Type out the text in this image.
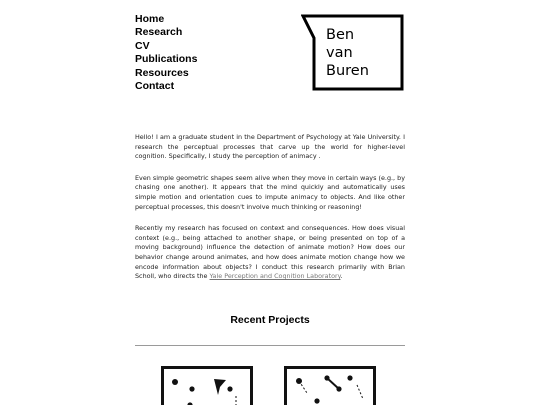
Home
Research
CV
Publications
Resources
Contact
Ben
van
Buren

Hello! I am a graduate student in the Department of Psychology at Yale University. I research the perceptual processes that carve up the world for higher-level cognition. Specifically, I study the perception of animacy .

Even simple geometric shapes seem alive when they move in certain ways (e.g., by chasing one another). It appears that the mind quickly and automatically uses simple motion and orientation cues to impute animacy to objects. And like other perceptual processes, this doesn't involve much thinking or reasoning!

Recently my research has focused on context and consequences. How does visual context (e.g., being attached to another shape, or being presented on top of a moving background) influence the detection of animate motion? How does our behavior change around animates, and how does animate motion change how we encode information about objects? I conduct this research primarily with Brian Scholl, who directs the Yale Perception and Cognition Laboratory.

Recent Projects
